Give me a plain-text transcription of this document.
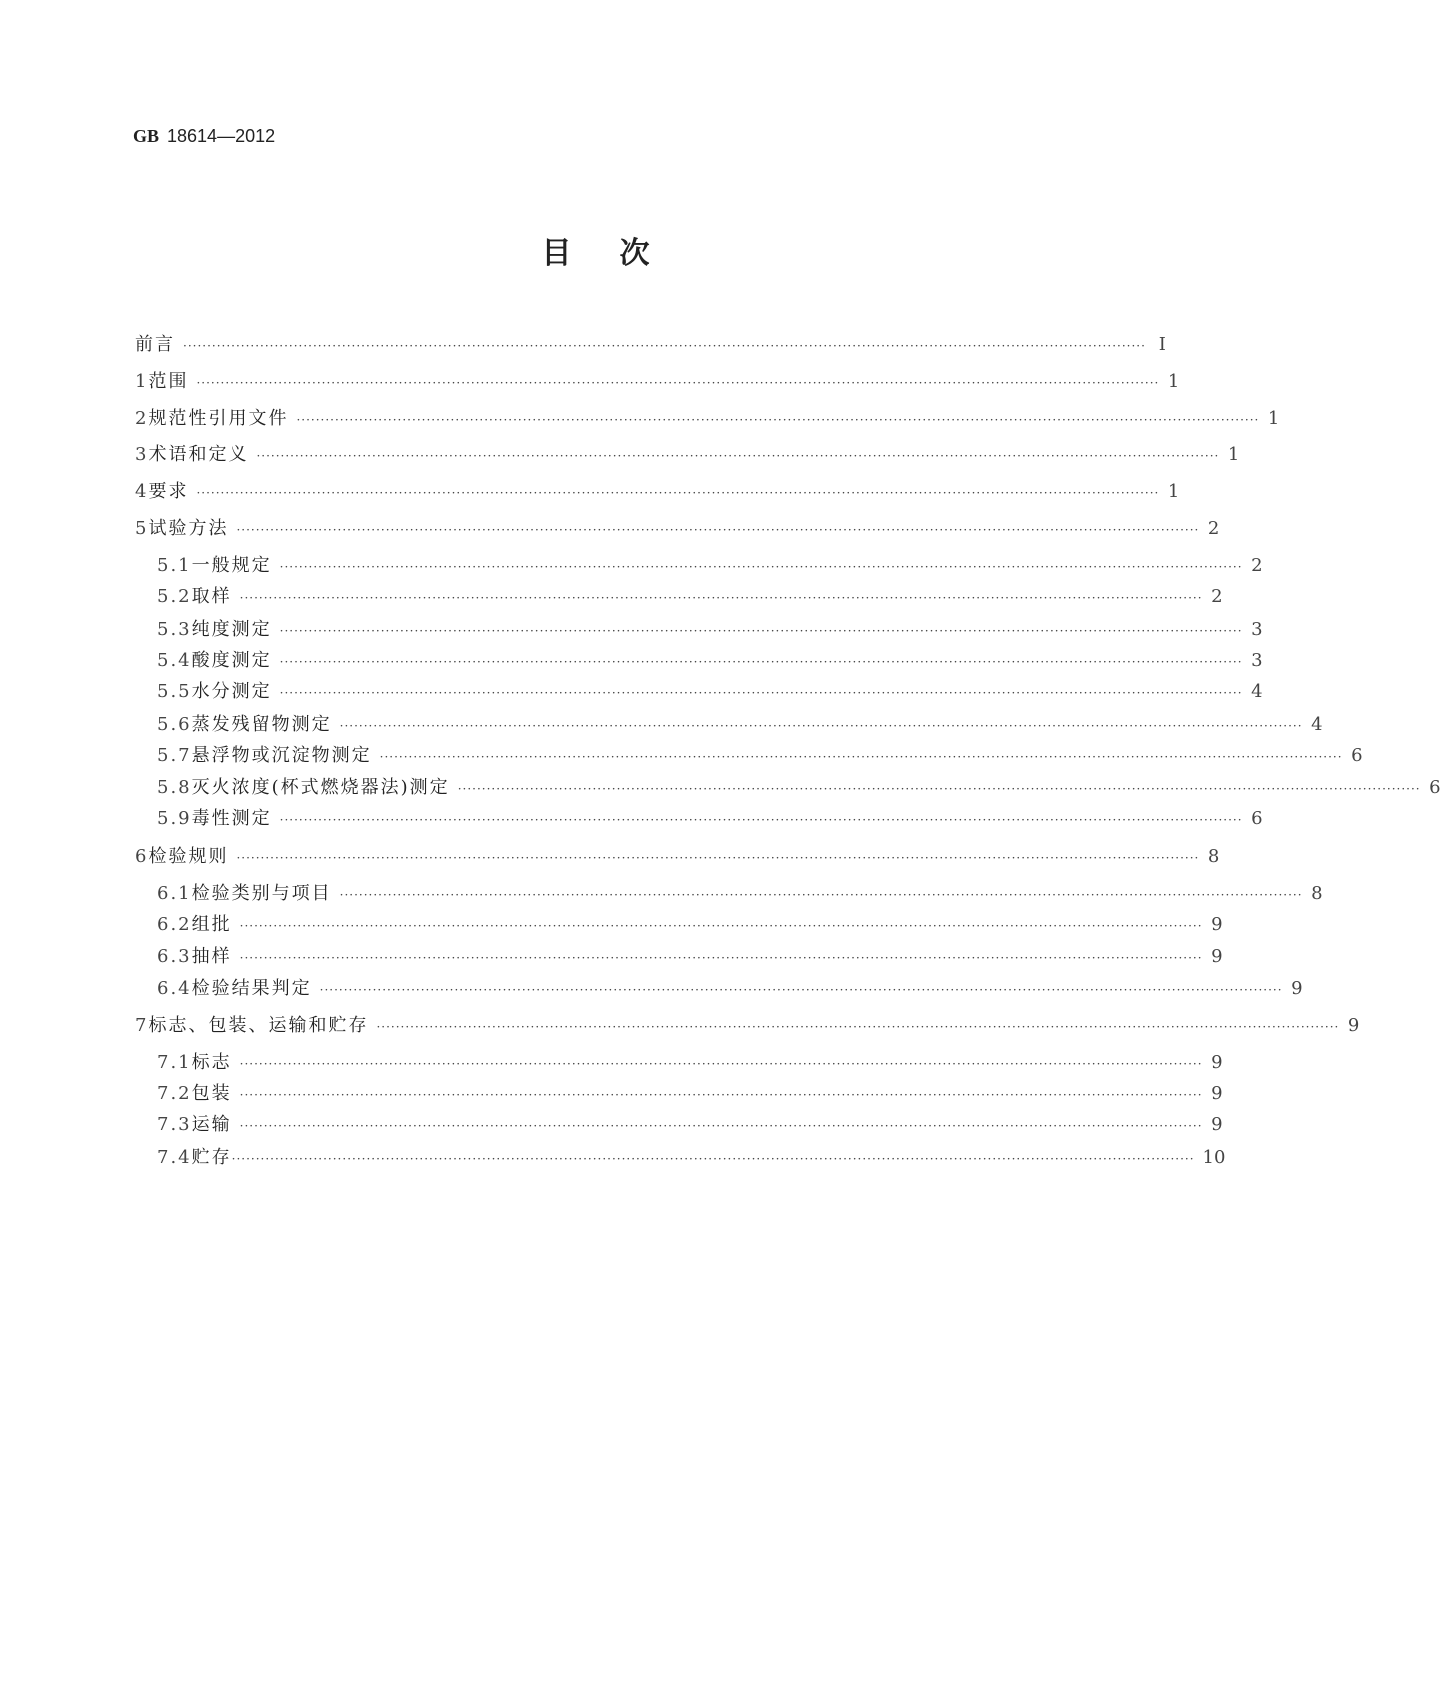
GB 18614—2012
目次
前言 ········································································································································································································ Ⅰ
1 范围 ········································································································································································································ 1
2 规范性引用文件 ········································································································································································································ 1
3 术语和定义 ········································································································································································································ 1
4 要求 ········································································································································································································ 1
5 试验方法 ········································································································································································································ 2
5.1 一般规定 ········································································································································································································ 2
5.2 取样 ········································································································································································································ 2
5.3 纯度测定 ········································································································································································································ 3
5.4 酸度测定 ········································································································································································································ 3
5.5 水分测定 ········································································································································································································ 4
5.6 蒸发残留物测定 ········································································································································································································ 4
5.7 悬浮物或沉淀物测定 ········································································································································································································ 6
5.8 灭火浓度(杯式燃烧器法)测定 ········································································································································································································ 6
5.9 毒性测定 ········································································································································································································ 6
6 检验规则 ········································································································································································································ 8
6.1 检验类别与项目 ········································································································································································································ 8
6.2 组批 ········································································································································································································ 9
6.3 抽样 ········································································································································································································ 9
6.4 检验结果判定 ········································································································································································································ 9
7 标志、包装、运输和贮存 ········································································································································································································ 9
7.1 标志 ········································································································································································································ 9
7.2 包装 ········································································································································································································ 9
7.3 运输 ········································································································································································································ 9
7.4 贮存 ········································································································································································································ 10
